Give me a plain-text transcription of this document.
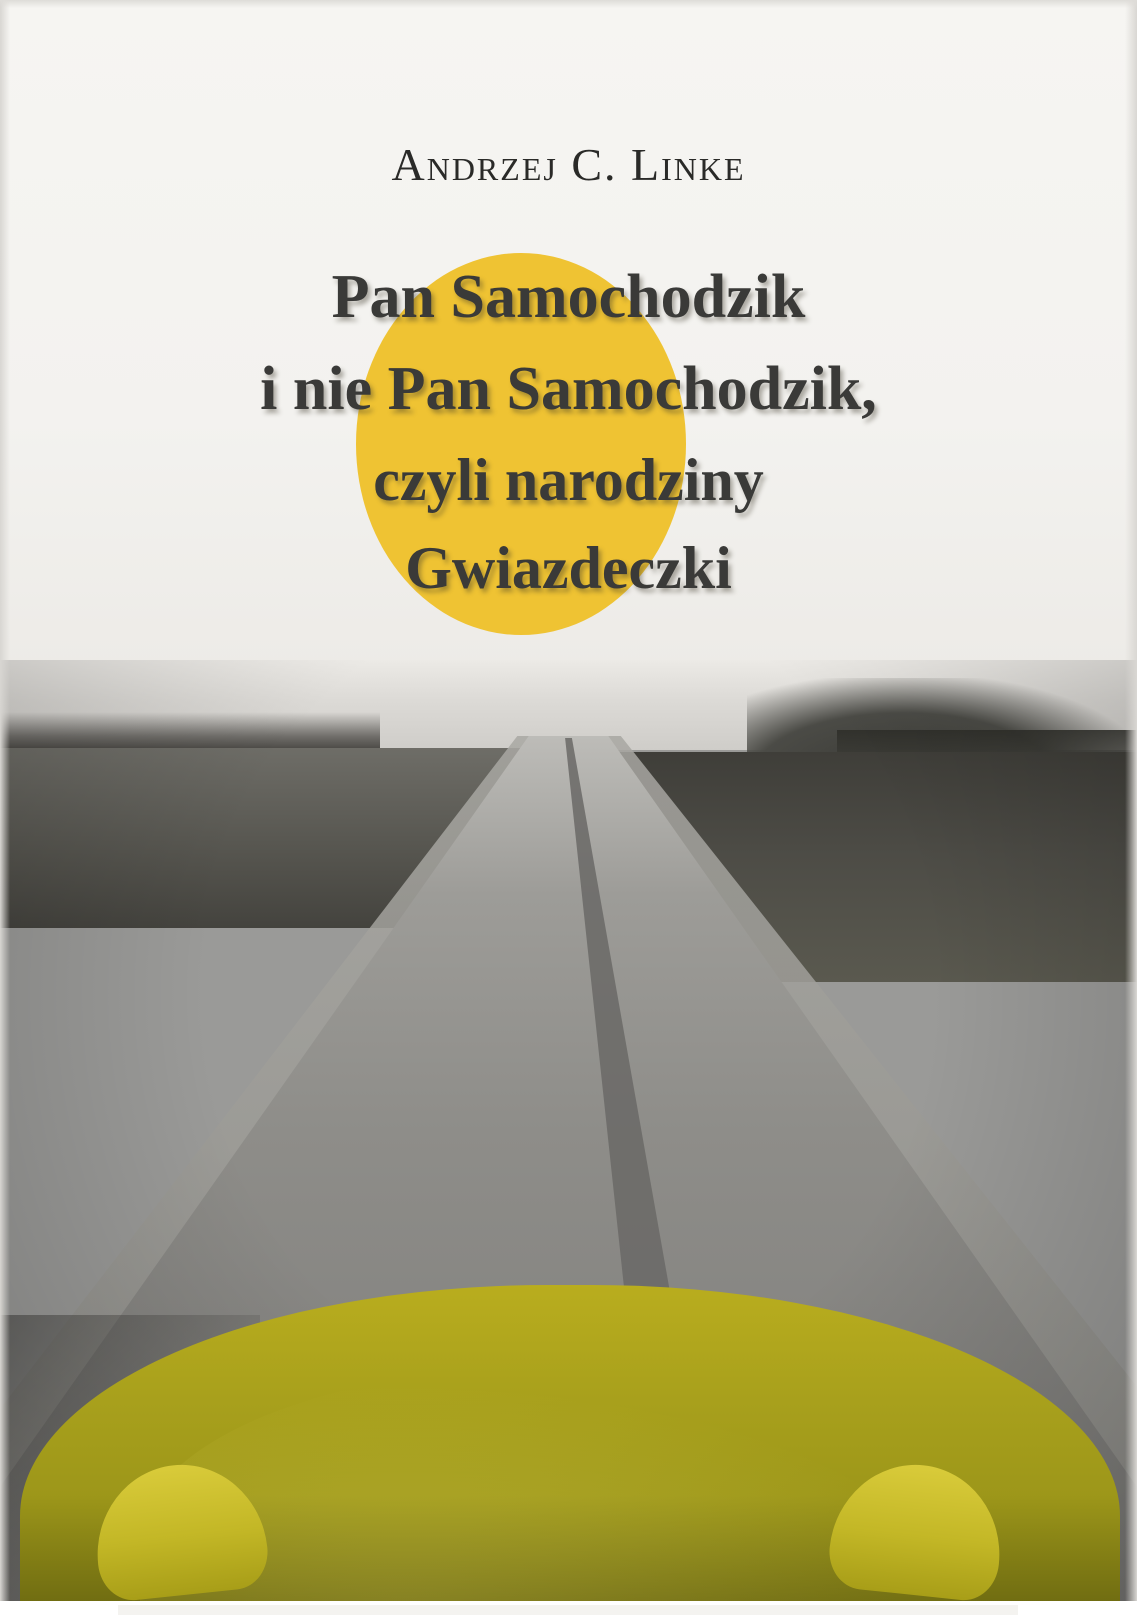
Andrzej C. Linke
Pan Samochodzik
i nie Pan Samochodzik,
czyli narodziny
Gwiazdeczki
